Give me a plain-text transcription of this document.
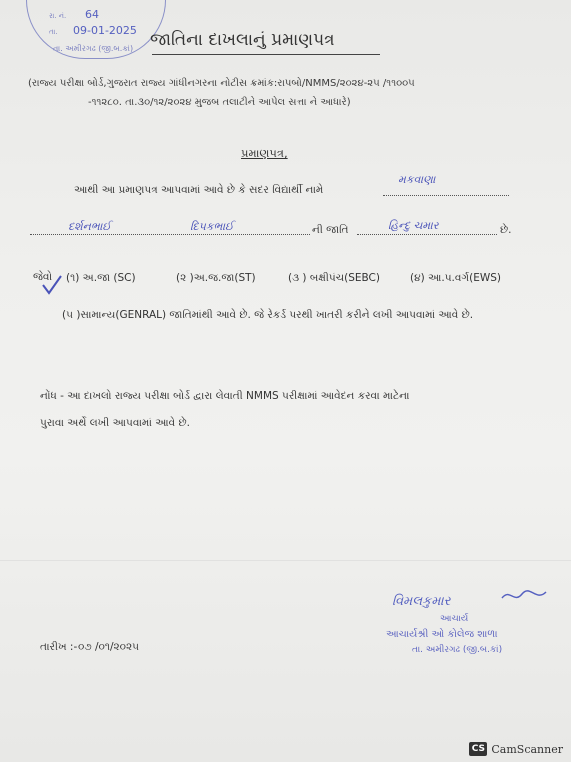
રા. નં.
તા.
64
09-01-2025
તા. અમીરગઢ (જી.બ.કાં) જાતિના દાખલાનું પ્રમાણપત્ર
(રાજ્ય પરીક્ષા બોર્ડ,ગુજરાત રાજ્ય ગાંધીનગરના નોટીસ ક્રમાંક:રાપબો/NMMS/૨૦૨૪-૨૫ /૧૧૦૦૫
-૧૧૨૮૦. તા.૩૦/૧૨/૨૦૨૪ મુજબ તલાટીને આપેલ સત્તા ને આધારે)
પ્રમાણપત્ર,
આથી આ પ્રમાણપત્ર આપવામાં આવે છે કે સદર વિદ્યાર્થી નામે
મકવાણા
દર્શનભાઈ	દિપકભાઈ	ની જાતિ	હિન્દુ ચમાર	છે.
જેવો (૧) અ.જા (SC)	(૨ )અ.જ.જા(ST)	(૩ ) બક્ષીપંચ(SEBC)	(૪) આ.પ.વર્ગ(EWS)
(૫ )સામાન્ય(GENRAL) જાતિમાંથી આવે છે. જે રેકર્ડ પરથી ખાતરી કરીને લખી આપવામાં આવે છે.
નોંધ - આ દાખલો રાજ્ય પરીક્ષા બોર્ડ દ્વારા લેવાતી NMMS પરીક્ષામાં આવેદન કરવા માટેના
પુરાવા અર્થે લખી આપવામાં આવે છે.
તારીખ :- ૦૭ /૦૧/૨૦૨૫
વિમલકુમાર
આચાર્ય
આચાર્યશ્રી ઓ કોલેજ શાળા
તા. અમીરગઢ (જી.બ.કાં)
CS CamScanner
